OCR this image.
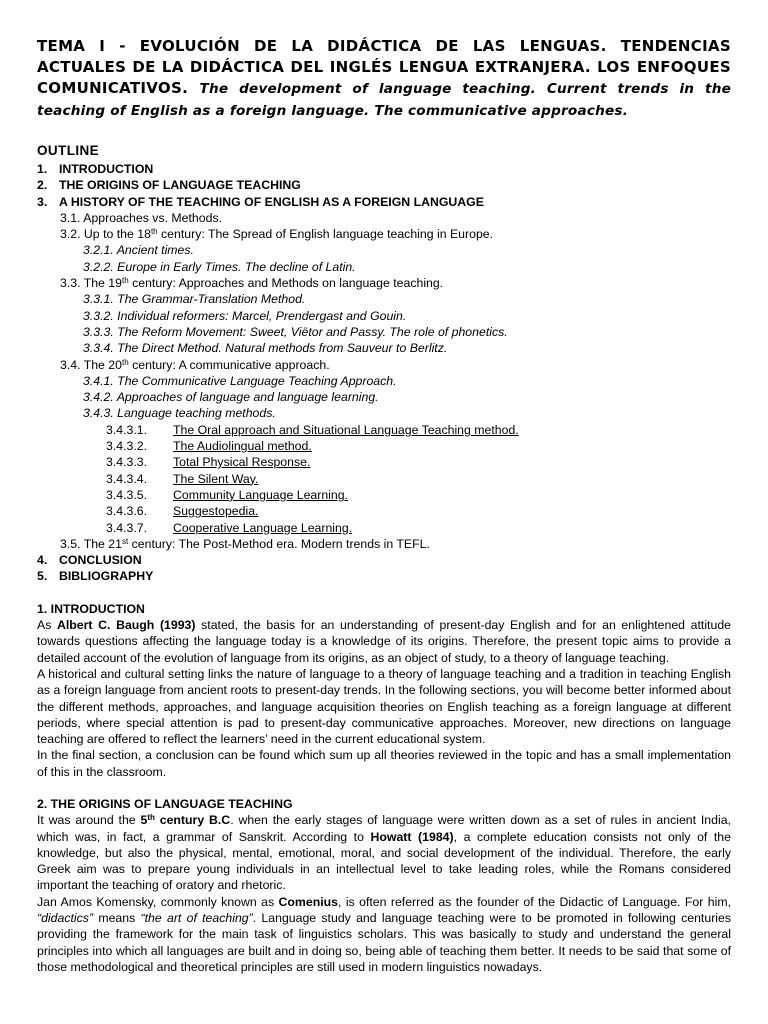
TEMA I - EVOLUCIÓN DE LA DIDÁCTICA DE LAS LENGUAS. TENDENCIAS ACTUALES DE LA DIDÁCTICA DEL INGLÉS LENGUA EXTRANJERA. LOS ENFOQUES COMUNICATIVOS. The development of language teaching. Current trends in the teaching of English as a foreign language. The communicative approaches.

OUTLINE
1. INTRODUCTION
2. THE ORIGINS OF LANGUAGE TEACHING
3. A HISTORY OF THE TEACHING OF ENGLISH AS A FOREIGN LANGUAGE
3.1. Approaches vs. Methods.
3.2. Up to the 18th century: The Spread of English language teaching in Europe.
3.2.1. Ancient times.
3.2.2. Europe in Early Times. The decline of Latin.
3.3. The 19th century: Approaches and Methods on language teaching.
3.3.1. The Grammar-Translation Method.
3.3.2. Individual reformers: Marcel, Prendergast and Gouin.
3.3.3. The Reform Movement: Sweet, Viëtor and Passy. The role of phonetics.
3.3.4. The Direct Method. Natural methods from Sauveur to Berlitz.
3.4. The 20th century: A communicative approach.
3.4.1. The Communicative Language Teaching Approach.
3.4.2. Approaches of language and language learning.
3.4.3. Language teaching methods.
3.4.3.1. The Oral approach and Situational Language Teaching method.
3.4.3.2. The Audiolingual method.
3.4.3.3. Total Physical Response.
3.4.3.4. The Silent Way.
3.4.3.5. Community Language Learning.
3.4.3.6. Suggestopedia.
3.4.3.7. Cooperative Language Learning.
3.5. The 21st century: The Post-Method era. Modern trends in TEFL.
4. CONCLUSION
5. BIBLIOGRAPHY
1. INTRODUCTION

As Albert C. Baugh (1993) stated, the basis for an understanding of present-day English and for an enlightened attitude towards questions affecting the language today is a knowledge of its origins. Therefore, the present topic aims to provide a detailed account of the evolution of language from its origins, as an object of study, to a theory of language teaching.

A historical and cultural setting links the nature of language to a theory of language teaching and a tradition in teaching English as a foreign language from ancient roots to present-day trends. In the following sections, you will become better informed about the different methods, approaches, and language acquisition theories on English teaching as a foreign language at different periods, where special attention is pad to present-day communicative approaches. Moreover, new directions on language teaching are offered to reflect the learners’ need in the current educational system.

In the final section, a conclusion can be found which sum up all theories reviewed in the topic and has a small implementation of this in the classroom.

2. THE ORIGINS OF LANGUAGE TEACHING

It was around the 5th century B.C. when the early stages of language were written down as a set of rules in ancient India, which was, in fact, a grammar of Sanskrit. According to Howatt (1984), a complete education consists not only of the knowledge, but also the physical, mental, emotional, moral, and social development of the individual. Therefore, the early Greek aim was to prepare young individuals in an intellectual level to take leading roles, while the Romans considered important the teaching of oratory and rhetoric.

Jan Amos Komensky, commonly known as Comenius, is often referred as the founder of the Didactic of Language. For him, “didactics” means “the art of teaching”. Language study and language teaching were to be promoted in following centuries providing the framework for the main task of linguistics scholars. This was basically to study and understand the general principles into which all languages are built and in doing so, being able of teaching them better. It needs to be said that some of those methodological and theoretical principles are still used in modern linguistics nowadays.
